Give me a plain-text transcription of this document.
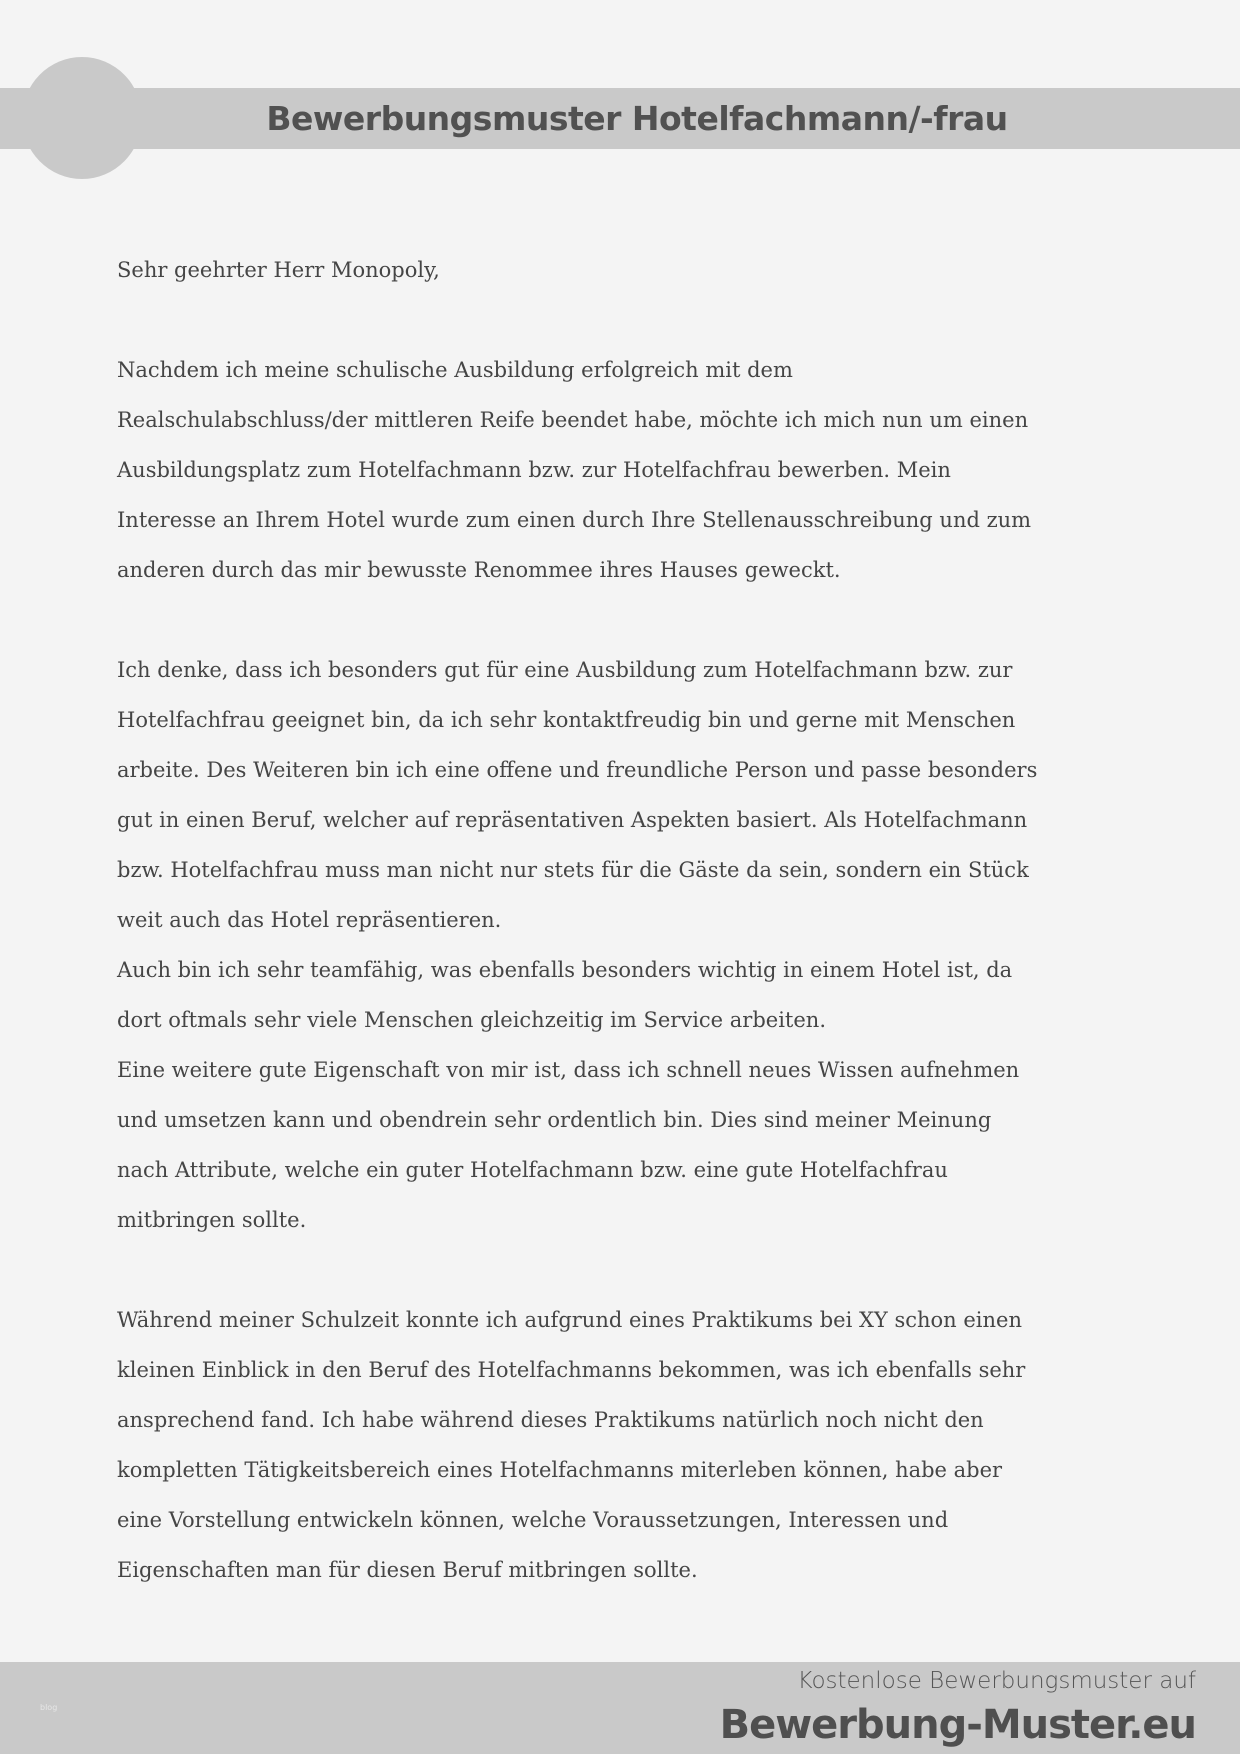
Bewerbungsmuster Hotelfachmann/-frau
Sehr geehrter Herr Monopoly,
Nachdem ich meine schulische Ausbildung erfolgreich mit dem
Realschulabschluss/der mittleren Reife beendet habe, möchte ich mich nun um einen
Ausbildungsplatz zum Hotelfachmann bzw. zur Hotelfachfrau bewerben. Mein
Interesse an Ihrem Hotel wurde zum einen durch Ihre Stellenausschreibung und zum
anderen durch das mir bewusste Renommee ihres Hauses geweckt.
Ich denke, dass ich besonders gut für eine Ausbildung zum Hotelfachmann bzw. zur
Hotelfachfrau geeignet bin, da ich sehr kontaktfreudig bin und gerne mit Menschen
arbeite. Des Weiteren bin ich eine offene und freundliche Person und passe besonders
gut in einen Beruf, welcher auf repräsentativen Aspekten basiert. Als Hotelfachmann
bzw. Hotelfachfrau muss man nicht nur stets für die Gäste da sein, sondern ein Stück
weit auch das Hotel repräsentieren.
Auch bin ich sehr teamfähig, was ebenfalls besonders wichtig in einem Hotel ist, da
dort oftmals sehr viele Menschen gleichzeitig im Service arbeiten.
Eine weitere gute Eigenschaft von mir ist, dass ich schnell neues Wissen aufnehmen
und umsetzen kann und obendrein sehr ordentlich bin. Dies sind meiner Meinung
nach Attribute, welche ein guter Hotelfachmann bzw. eine gute Hotelfachfrau
mitbringen sollte.
Während meiner Schulzeit konnte ich aufgrund eines Praktikums bei XY schon einen
kleinen Einblick in den Beruf des Hotelfachmanns bekommen, was ich ebenfalls sehr
ansprechend fand. Ich habe während dieses Praktikums natürlich noch nicht den
kompletten Tätigkeitsbereich eines Hotelfachmanns miterleben können, habe aber
eine Vorstellung entwickeln können, welche Voraussetzungen, Interessen und
Eigenschaften man für diesen Beruf mitbringen sollte.
blog
Kostenlose Bewerbungsmuster auf
Bewerbung-Muster.eu
